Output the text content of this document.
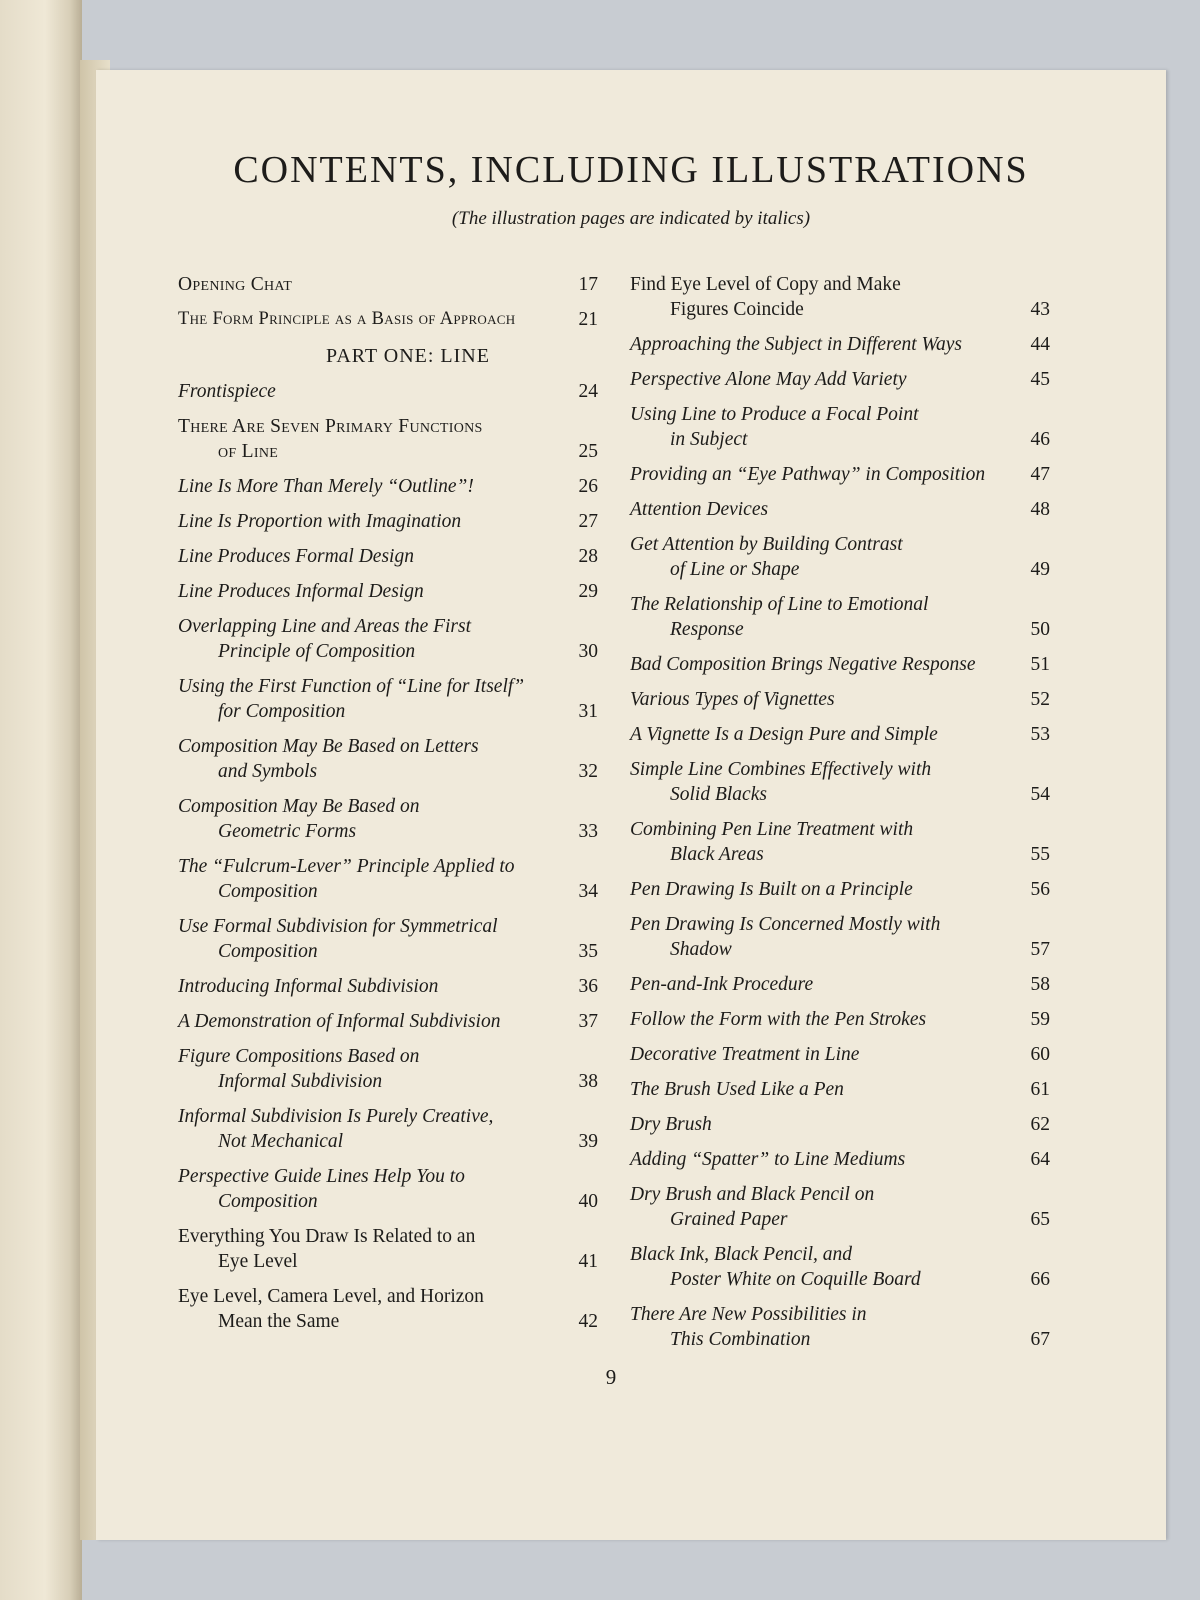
CONTENTS, INCLUDING ILLUSTRATIONS
(The illustration pages are indicated by italics)
Opening Chat	17
The Form Principle as a Basis of Approach	21
PART ONE: LINE
Frontispiece	24
There Are Seven Primary Functions
of Line	25
Line Is More Than Merely “Outline”!	26
Line Is Proportion with Imagination	27
Line Produces Formal Design	28
Line Produces Informal Design	29
Overlapping Line and Areas the First
Principle of Composition	30
Using the First Function of “Line for Itself”
for Composition	31
Composition May Be Based on Letters
and Symbols	32
Composition May Be Based on
Geometric Forms	33
The “Fulcrum-Lever” Principle Applied to
Composition	34
Use Formal Subdivision for Symmetrical
Composition	35
Introducing Informal Subdivision	36
A Demonstration of Informal Subdivision	37
Figure Compositions Based on
Informal Subdivision	38
Informal Subdivision Is Purely Creative,
Not Mechanical	39
Perspective Guide Lines Help You to
Composition	40
Everything You Draw Is Related to an
Eye Level	41
Eye Level, Camera Level, and Horizon
Mean the Same	42
Find Eye Level of Copy and Make
Figures Coincide	43
Approaching the Subject in Different Ways	44
Perspective Alone May Add Variety	45
Using Line to Produce a Focal Point
in Subject	46
Providing an “Eye Pathway” in Composition	47
Attention Devices	48
Get Attention by Building Contrast
of Line or Shape	49
The Relationship of Line to Emotional
Response	50
Bad Composition Brings Negative Response	51
Various Types of Vignettes	52
A Vignette Is a Design Pure and Simple	53
Simple Line Combines Effectively with
Solid Blacks	54
Combining Pen Line Treatment with
Black Areas	55
Pen Drawing Is Built on a Principle	56
Pen Drawing Is Concerned Mostly with
Shadow	57
Pen-and-Ink Procedure	58
Follow the Form with the Pen Strokes	59
Decorative Treatment in Line	60
The Brush Used Like a Pen	61
Dry Brush	62
Adding “Spatter” to Line Mediums	64
Dry Brush and Black Pencil on
Grained Paper	65
Black Ink, Black Pencil, and
Poster White on Coquille Board	66
There Are New Possibilities in
This Combination	67
9
